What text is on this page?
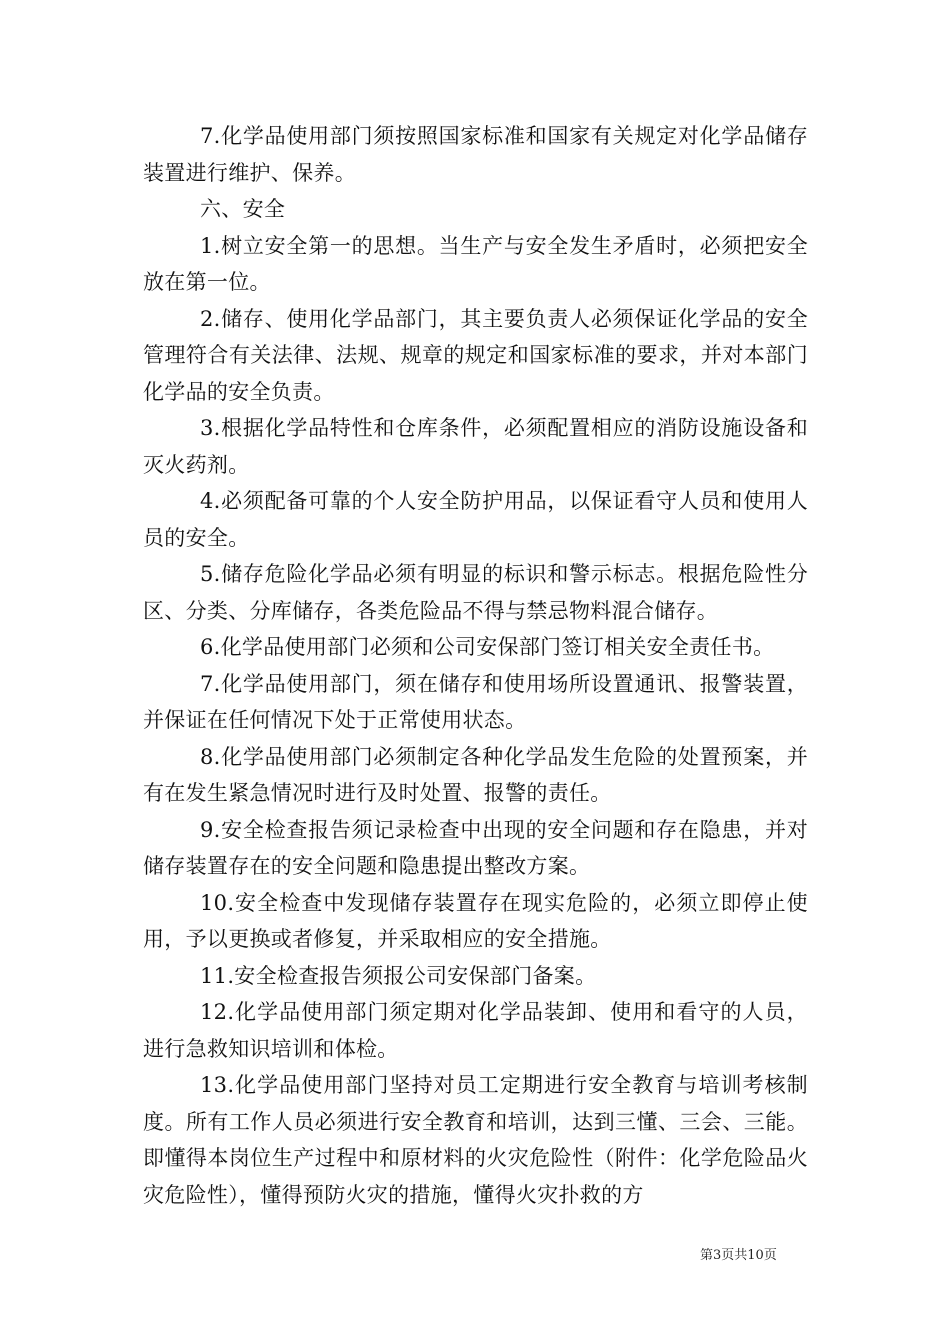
7.化学品使用部门须按照国家标准和国家有关规定对化学品储存装置进行维护、保养。

六、安全

1.树立安全第一的思想。当生产与安全发生矛盾时，必须把安全放在第一位。

2.储存、使用化学品部门，其主要负责人必须保证化学品的安全管理符合有关法律、法规、规章的规定和国家标准的要求，并对本部门化学品的安全负责。

3.根据化学品特性和仓库条件，必须配置相应的消防设施设备和灭火药剂。

4.必须配备可靠的个人安全防护用品，以保证看守人员和使用人员的安全。

5.储存危险化学品必须有明显的标识和警示标志。根据危险性分区、分类、分库储存，各类危险品不得与禁忌物料混合储存。

6.化学品使用部门必须和公司安保部门签订相关安全责任书。

7.化学品使用部门，须在储存和使用场所设置通讯、报警装置，并保证在任何情况下处于正常使用状态。

8.化学品使用部门必须制定各种化学品发生危险的处置预案，并有在发生紧急情况时进行及时处置、报警的责任。

9.安全检查报告须记录检查中出现的安全问题和存在隐患，并对储存装置存在的安全问题和隐患提出整改方案。

10.安全检查中发现储存装置存在现实危险的，必须立即停止使用，予以更换或者修复，并采取相应的安全措施。

11.安全检查报告须报公司安保部门备案。

12.化学品使用部门须定期对化学品装卸、使用和看守的人员，进行急救知识培训和体检。

13.化学品使用部门坚持对员工定期进行安全教育与培训考核制度。所有工作人员必须进行安全教育和培训，达到三懂、三会、三能。即懂得本岗位生产过程中和原材料的火灾危险性（附件：化学危险品火灾危险性），懂得预防火灾的措施，懂得火灾扑救的方

第3页共10页
